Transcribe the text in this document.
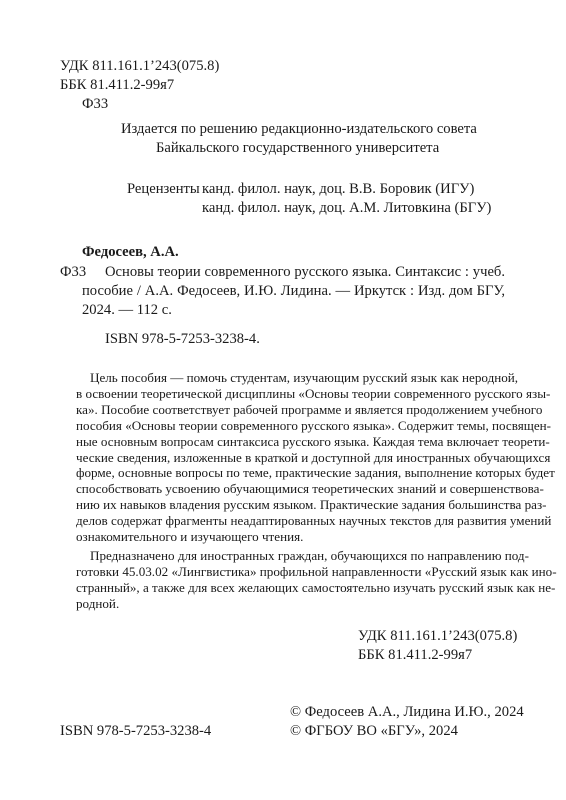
УДК 811.161.1’243(075.8)
ББК 81.411.2-99я7
Ф33
Издается по решению редакционно-издательского совета
Байкальского государственного университета
Рецензенты канд. филол. наук, доц. В.В. Боровик (ИГУ)
канд. филол. наук, доц. А.М. Литовкина (БГУ)
Федосеев, А.А.
Ф33 Основы теории современного русского языка. Синтаксис : учеб.
пособие / А.А. Федосеев, И.Ю. Лидина. — Иркутск : Изд. дом БГУ,
2024. — 112 с.
ISBN 978-5-7253-3238-4.
Цель пособия — помочь студентам, изучающим русский язык как неродной,
в освоении теоретической дисциплины «Основы теории современного русского язы-
ка». Пособие соответствует рабочей программе и является продолжением учебного
пособия «Основы теории современного русского языка». Содержит темы, посвящен-
ные основным вопросам синтаксиса русского языка. Каждая тема включает теорети-
ческие сведения, изложенные в краткой и доступной для иностранных обучающихся
форме, основные вопросы по теме, практические задания, выполнение которых будет
способствовать усвоению обучающимися теоретических знаний и совершенствова-
нию их навыков владения русским языком. Практические задания большинства раз-
делов содержат фрагменты неадаптированных научных текстов для развития умений
ознакомительного и изучающего чтения.
Предназначено для иностранных граждан, обучающихся по направлению под-
готовки 45.03.02 «Лингвистика» профильной направленности «Русский язык как ино-
странный», а также для всех желающих самостоятельно изучать русский язык как не-
родной.
УДК 811.161.1’243(075.8)
ББК 81.411.2-99я7
ISBN 978-5-7253-3238-4
© Федосеев А.А., Лидина И.Ю., 2024
© ФГБОУ ВО «БГУ», 2024
